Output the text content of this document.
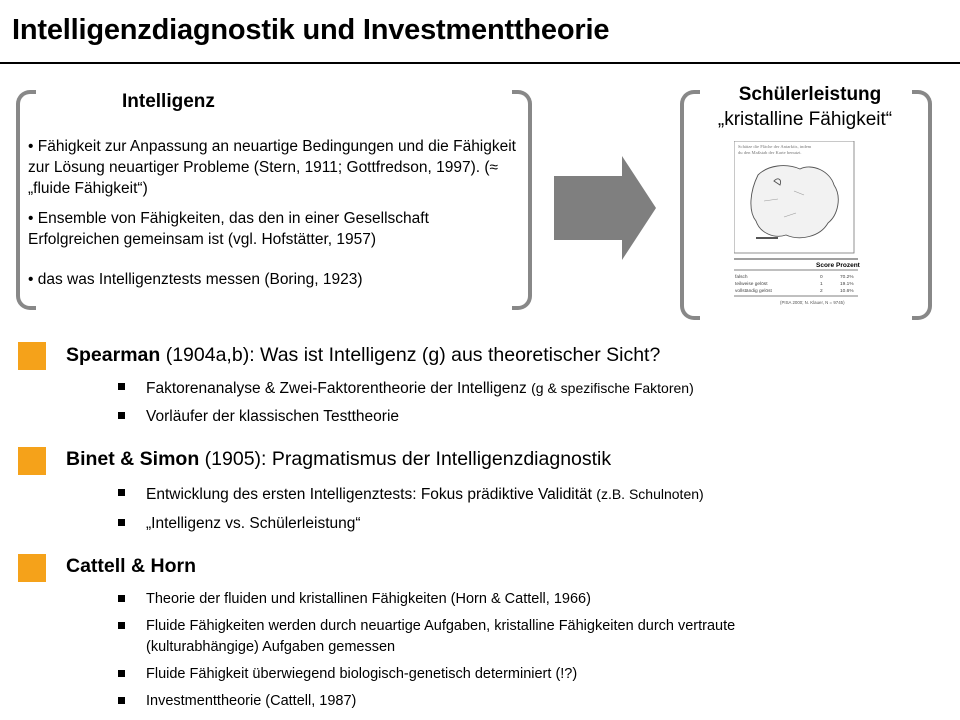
Intelligenzdiagnostik und Investmenttheorie
Intelligenz
• Fähigkeit zur Anpassung an neuartige Bedingungen und die Fähigkeit zur Lösung neuartiger Probleme (Stern, 1911; Gottfredson, 1997). (≈ „fluide Fähigkeit“)
• Ensemble von Fähigkeiten, das den in einer Gesellschaft Erfolgreichen gemeinsam ist (vgl. Hofstätter, 1957)
• das was Intelligenztests messen (Boring, 1923)
Schülerleistung
„kristalline Fähigkeit“
Schätze die Fläche der Antarktis, indem
du den Maßstab der Karte benutzt.
Score Prozent
falsch	0	70.2%
teilweise gelöst	1	19.1%
vollständig gelöst	2	10.6%
(PISA 2000; N. Klauer, N = 9745)
Spearman (1904a,b): Was ist Intelligenz (g) aus theoretischer Sicht?
Faktorenanalyse & Zwei-Faktorentheorie der Intelligenz (g & spezifische Faktoren)
Vorläufer der klassischen Testtheorie
Binet & Simon (1905): Pragmatismus der Intelligenzdiagnostik
Entwicklung des ersten Intelligenztests: Fokus prädiktive Validität (z.B. Schulnoten)
„Intelligenz vs. Schülerleistung“
Cattell & Horn
Theorie der fluiden und kristallinen Fähigkeiten (Horn & Cattell, 1966)
Fluide Fähigkeiten werden durch neuartige Aufgaben, kristalline Fähigkeiten durch vertraute (kulturabhängige) Aufgaben gemessen
Fluide Fähigkeit überwiegend biologisch-genetisch determiniert (!?)
Investmenttheorie (Cattell, 1987)
